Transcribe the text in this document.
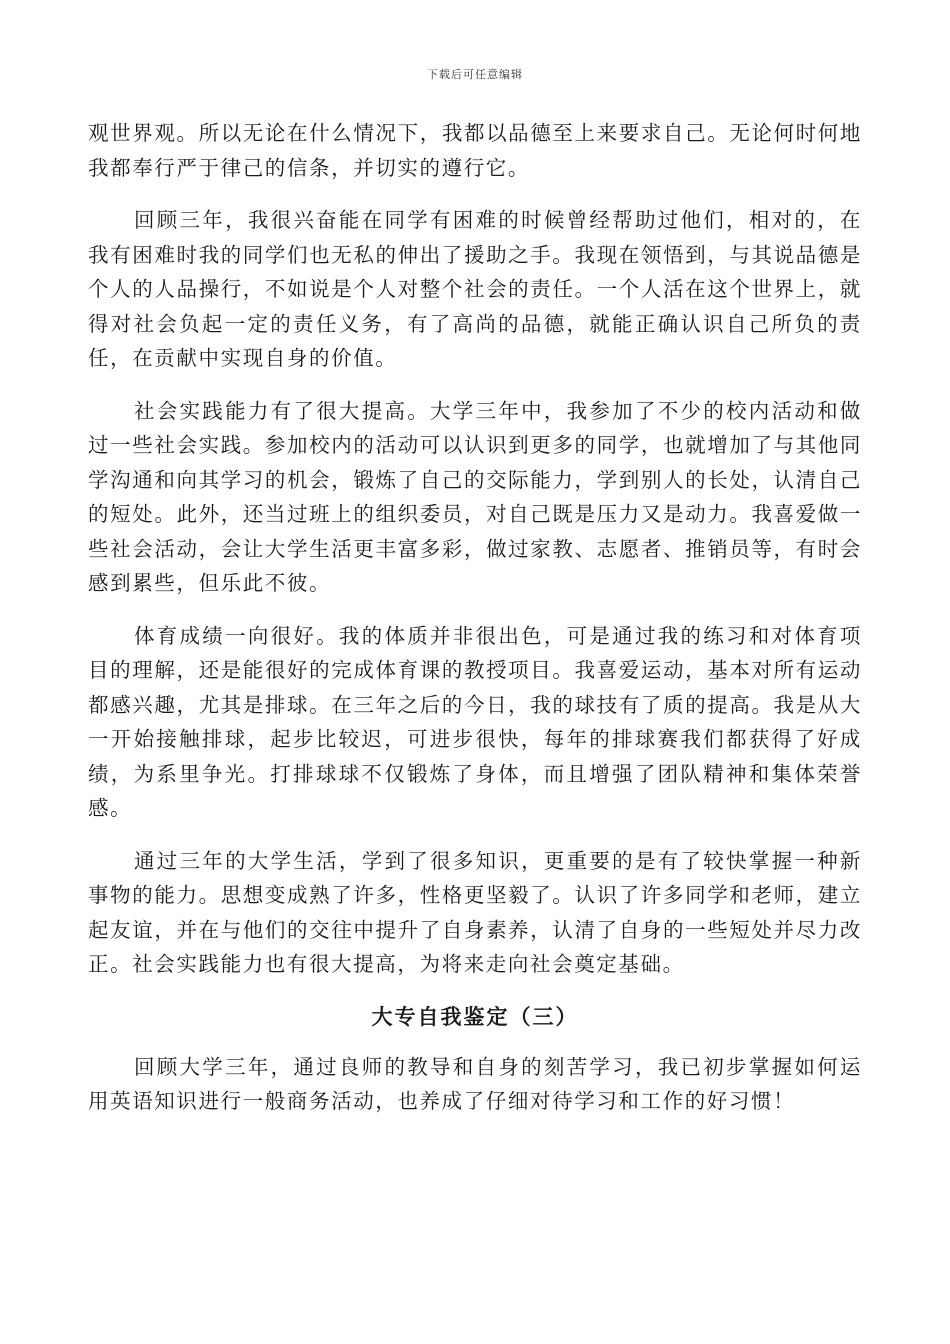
下载后可任意编辑

观世界观。所以无论在什么情况下，我都以品德至上来要求自己。无论何时何地我都奉行严于律己的信条，并切实的遵行它。

回顾三年，我很兴奋能在同学有困难的时候曾经帮助过他们，相对的，在我有困难时我的同学们也无私的伸出了援助之手。我现在领悟到，与其说品德是个人的人品操行，不如说是个人对整个社会的责任。一个人活在这个世界上，就得对社会负起一定的责任义务，有了高尚的品德，就能正确认识自己所负的责任，在贡献中实现自身的价值。

社会实践能力有了很大提高。大学三年中，我参加了不少的校内活动和做过一些社会实践。参加校内的活动可以认识到更多的同学，也就增加了与其他同学沟通和向其学习的机会，锻炼了自己的交际能力，学到别人的长处，认清自己的短处。此外，还当过班上的组织委员，对自己既是压力又是动力。我喜爱做一些社会活动，会让大学生活更丰富多彩，做过家教、志愿者、推销员等，有时会感到累些，但乐此不彼。

体育成绩一向很好。我的体质并非很出色，可是通过我的练习和对体育项目的理解，还是能很好的完成体育课的教授项目。我喜爱运动，基本对所有运动都感兴趣，尤其是排球。在三年之后的今日，我的球技有了质的提高。我是从大一开始接触排球，起步比较迟，可进步很快，每年的排球赛我们都获得了好成绩，为系里争光。打排球球不仅锻炼了身体，而且增强了团队精神和集体荣誉感。

通过三年的大学生活，学到了很多知识，更重要的是有了较快掌握一种新事物的能力。思想变成熟了许多，性格更坚毅了。认识了许多同学和老师，建立起友谊，并在与他们的交往中提升了自身素养，认清了自身的一些短处并尽力改正。社会实践能力也有很大提高，为将来走向社会奠定基础。

大专自我鉴定（三）

回顾大学三年，通过良师的教导和自身的刻苦学习，我已初步掌握如何运用英语知识进行一般商务活动，也养成了仔细对待学习和工作的好习惯！
